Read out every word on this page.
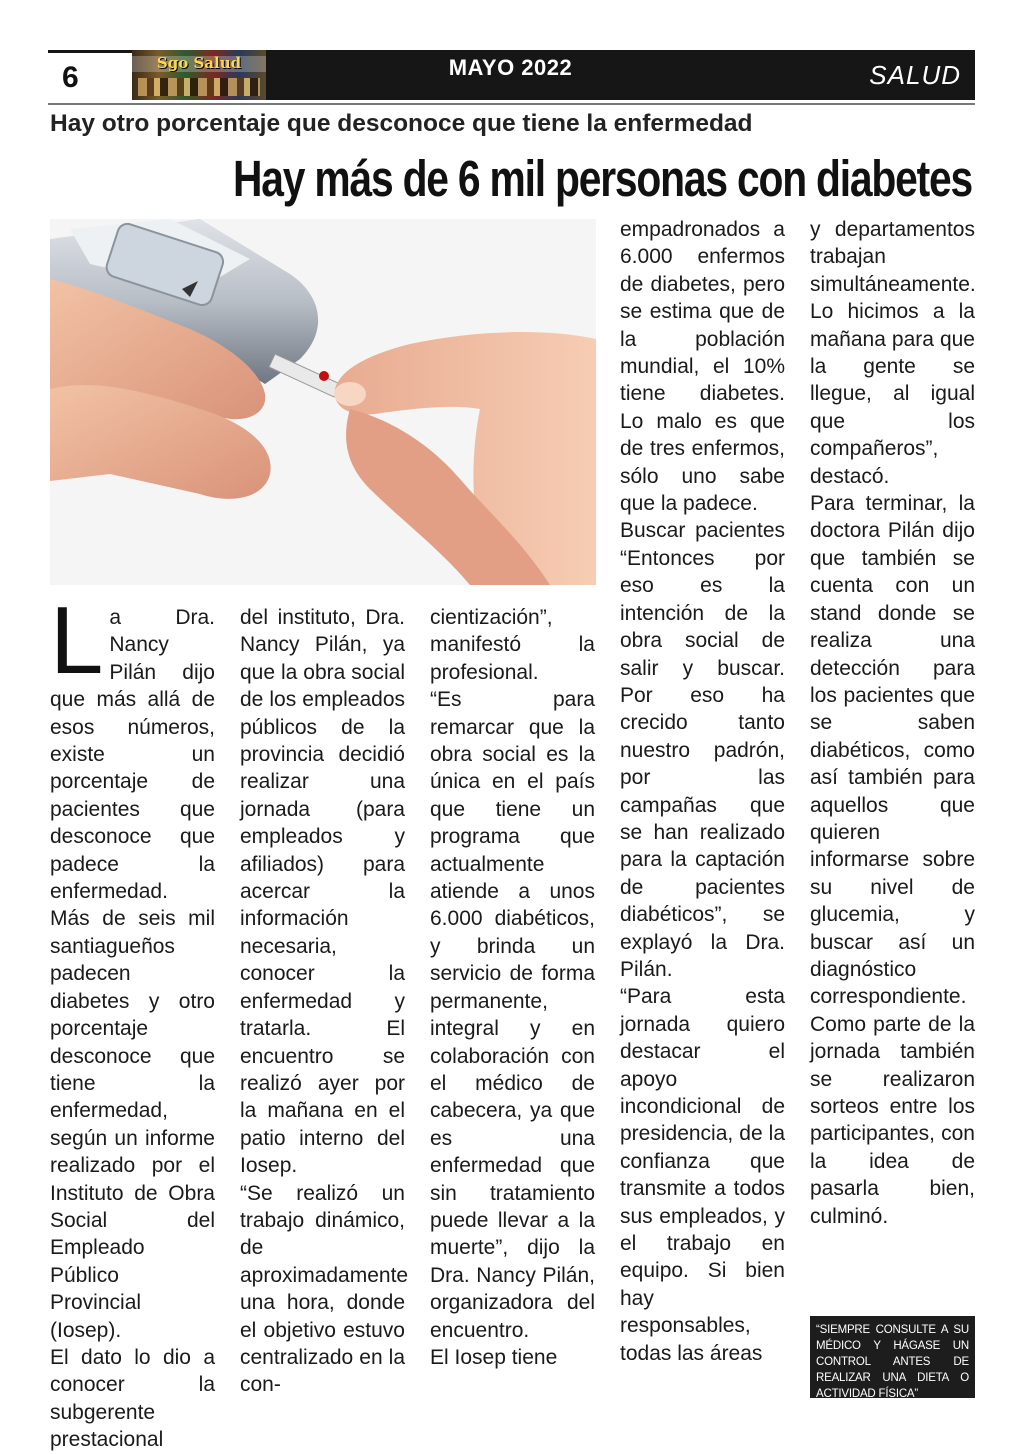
6	Sgo Salud	MAYO 2022	SALUD
Hay otro porcentaje que desconoce que tiene la enfermedad
Hay más de 6 mil personas con diabetes

La Dra. Nancy Pilán dijo que más allá de esos números, existe un porcentaje de pacientes que desconoce que padece la enfermedad.

Más de seis mil santiagueños padecen diabetes y otro porcentaje desconoce que tiene la enfermedad, según un informe realizado por el Instituto de Obra Social del Empleado Público Provincial (Iosep).

El dato lo dio a conocer la subgerente prestacional

del instituto, Dra. Nancy Pilán, ya que la obra social de los empleados públicos de la provincia decidió realizar una jornada (para empleados y afiliados) para acercar la información necesaria, conocer la enfermedad y tratarla. El encuentro se realizó ayer por la mañana en el patio interno del Iosep.

“Se realizó un trabajo dinámico, de aproximadamente una hora, donde el objetivo estuvo centralizado en la con-

cientización”, manifestó la profesional.

“Es para remarcar que la obra social es la única en el país que tiene un programa que actualmente atiende a unos 6.000 diabéticos, y brinda un servicio de forma permanente, integral y en colaboración con el médico de cabecera, ya que es una enfermedad que sin tratamiento puede llevar a la muerte”, dijo la Dra. Nancy Pilán, organizadora del encuentro.

El Iosep tiene

empadronados a 6.000 enfermos de diabetes, pero se estima que de la población mundial, el 10% tiene diabetes. Lo malo es que de tres enfermos, sólo uno sabe que la padece.

Buscar pacientes “Entonces por eso es la intención de la obra social de salir y buscar. Por eso ha crecido tanto nuestro padrón, por las campañas que se han realizado para la captación de pacientes diabéticos”, se explayó la Dra. Pilán.

“Para esta jornada quiero destacar el apoyo incondicional de presidencia, de la confianza que transmite a todos sus empleados, y el trabajo en equipo. Si bien hay responsables, todas las áreas

y departamentos trabajan simultáneamente. Lo hicimos a la mañana para que la gente se llegue, al igual que los compañeros”, destacó.

Para terminar, la doctora Pilán dijo que también se cuenta con un stand donde se realiza una detección para los pacientes que se saben diabéticos, como así también para aquellos que quieren informarse sobre su nivel de glucemia, y buscar así un diagnóstico correspondiente.

Como parte de la jornada también se realizaron sorteos entre los participantes, con la idea de pasarla bien, culminó.

“SIEMPRE CONSULTE A SU MÉDICO Y HÁGASE UN CONTROL ANTES DE REALIZAR UNA DIETA O ACTIVIDAD FÍSICA”
